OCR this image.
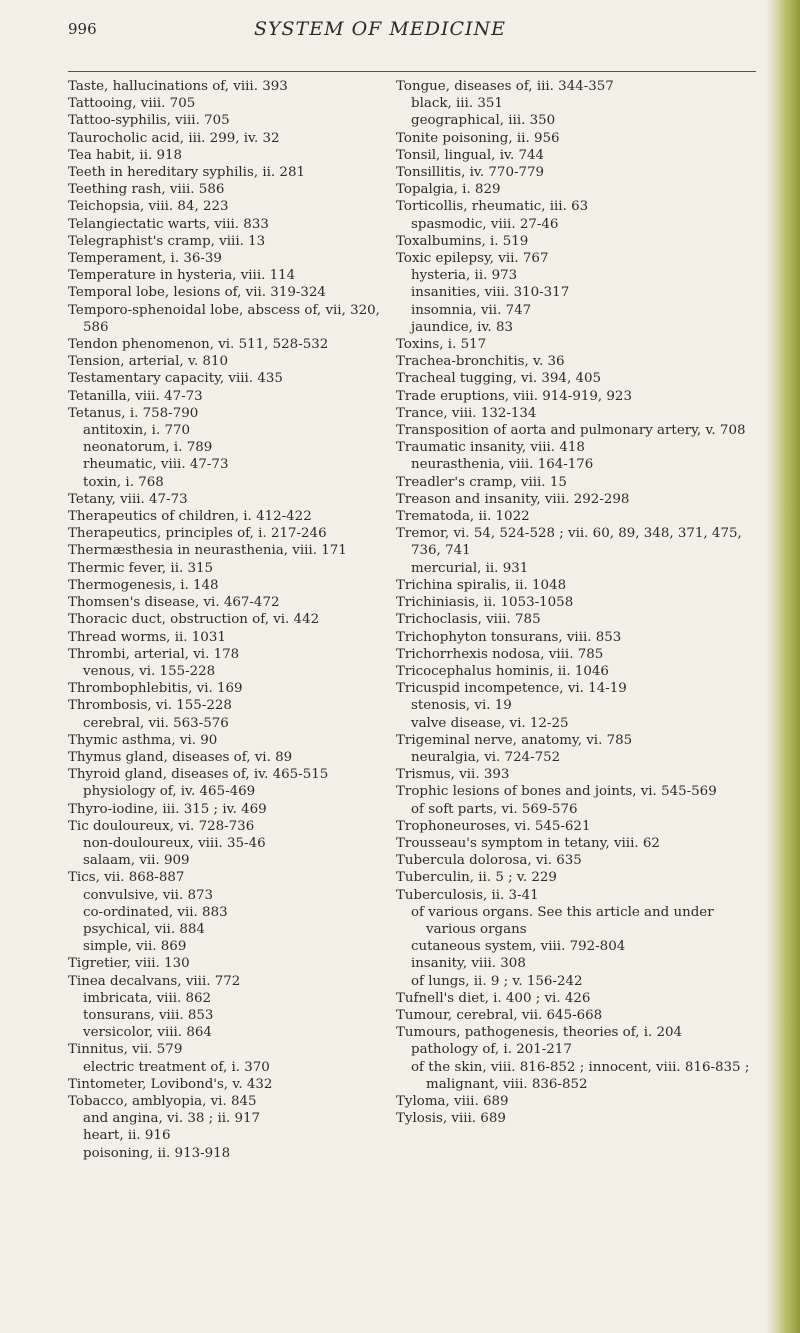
996	SYSTEM OF MEDICINE
Taste, hallucinations of, viii. 393
Tattooing, viii. 705
Tattoo-syphilis, viii. 705
Taurocholic acid, iii. 299, iv. 32
Tea habit, ii. 918
Teeth in hereditary syphilis, ii. 281
Teething rash, viii. 586
Teichopsia, viii. 84, 223
Telangiectatic warts, viii. 833
Telegraphist's cramp, viii. 13
Temperament, i. 36-39
Temperature in hysteria, viii. 114
Temporal lobe, lesions of, vii. 319-324
Temporo-sphenoidal lobe, abscess of, vii, 320, 586
Tendon phenomenon, vi. 511, 528-532
Tension, arterial, v. 810
Testamentary capacity, viii. 435
Tetanilla, viii. 47-73
Tetanus, i. 758-790
antitoxin, i. 770
neonatorum, i. 789
rheumatic, viii. 47-73
toxin, i. 768
Tetany, viii. 47-73
Therapeutics of children, i. 412-422
Therapeutics, principles of, i. 217-246
Thermæsthesia in neurasthenia, viii. 171
Thermic fever, ii. 315
Thermogenesis, i. 148
Thomsen's disease, vi. 467-472
Thoracic duct, obstruction of, vi. 442
Thread worms, ii. 1031
Thrombi, arterial, vi. 178
venous, vi. 155-228
Thrombophlebitis, vi. 169
Thrombosis, vi. 155-228
cerebral, vii. 563-576
Thymic asthma, vi. 90
Thymus gland, diseases of, vi. 89
Thyroid gland, diseases of, iv. 465-515
physiology of, iv. 465-469
Thyro-iodine, iii. 315 ; iv. 469
Tic douloureux, vi. 728-736
non-douloureux, viii. 35-46
salaam, vii. 909
Tics, vii. 868-887
convulsive, vii. 873
co-ordinated, vii. 883
psychical, vii. 884
simple, vii. 869
Tigretier, viii. 130
Tinea decalvans, viii. 772
imbricata, viii. 862
tonsurans, viii. 853
versicolor, viii. 864
Tinnitus, vii. 579
electric treatment of, i. 370
Tintometer, Lovibond's, v. 432
Tobacco, amblyopia, vi. 845
and angina, vi. 38 ; ii. 917
heart, ii. 916
poisoning, ii. 913-918
Tongue, diseases of, iii. 344-357
black, iii. 351
geographical, iii. 350
Tonite poisoning, ii. 956
Tonsil, lingual, iv. 744
Tonsillitis, iv. 770-779
Topalgia, i. 829
Torticollis, rheumatic, iii. 63
spasmodic, viii. 27-46
Toxalbumins, i. 519
Toxic epilepsy, vii. 767
hysteria, ii. 973
insanities, viii. 310-317
insomnia, vii. 747
jaundice, iv. 83
Toxins, i. 517
Trachea-bronchitis, v. 36
Tracheal tugging, vi. 394, 405
Trade eruptions, viii. 914-919, 923
Trance, viii. 132-134
Transposition of aorta and pulmonary artery, v. 708
Traumatic insanity, viii. 418
neurasthenia, viii. 164-176
Treadler's cramp, viii. 15
Treason and insanity, viii. 292-298
Trematoda, ii. 1022
Tremor, vi. 54, 524-528 ; vii. 60, 89, 348, 371, 475, 736, 741
mercurial, ii. 931
Trichina spiralis, ii. 1048
Trichiniasis, ii. 1053-1058
Trichoclasis, viii. 785
Trichophyton tonsurans, viii. 853
Trichorrhexis nodosa, viii. 785
Tricocephalus hominis, ii. 1046
Tricuspid incompetence, vi. 14-19
stenosis, vi. 19
valve disease, vi. 12-25
Trigeminal nerve, anatomy, vi. 785
neuralgia, vi. 724-752
Trismus, vii. 393
Trophic lesions of bones and joints, vi. 545-569
of soft parts, vi. 569-576
Trophoneuroses, vi. 545-621
Trousseau's symptom in tetany, viii. 62
Tubercula dolorosa, vi. 635
Tuberculin, ii. 5 ; v. 229
Tuberculosis, ii. 3-41
of various organs. See this article and under various organs
cutaneous system, viii. 792-804
insanity, viii. 308
of lungs, ii. 9 ; v. 156-242
Tufnell's diet, i. 400 ; vi. 426
Tumour, cerebral, vii. 645-668
Tumours, pathogenesis, theories of, i. 204
pathology of, i. 201-217
of the skin, viii. 816-852 ; innocent, viii. 816-835 ; malignant, viii. 836-852
Tyloma, viii. 689
Tylosis, viii. 689
